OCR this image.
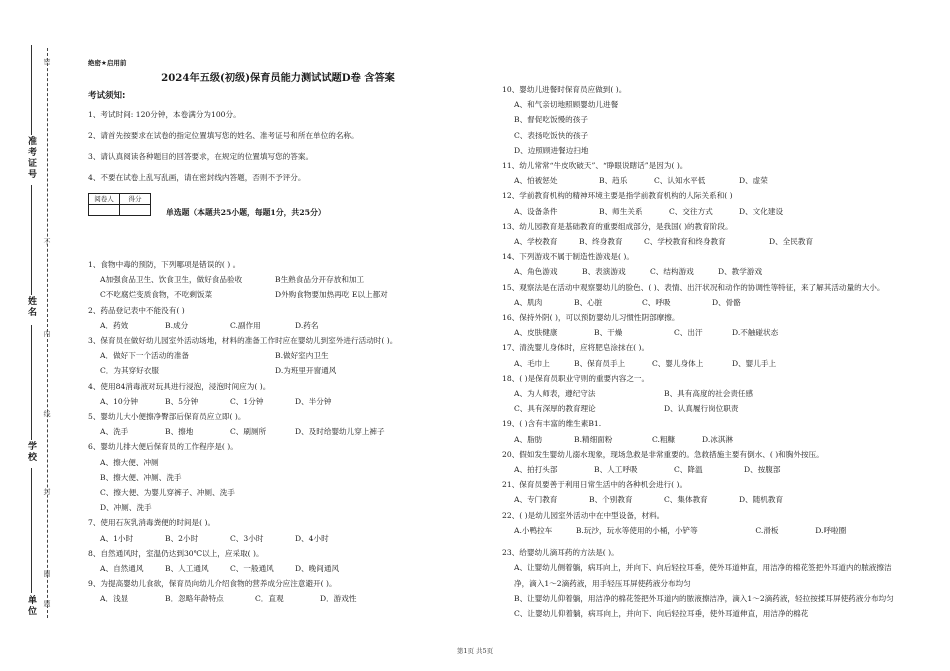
准考证号
姓名
学校
单位
密
不
内
线
封
圈
题
绝密★启用前
2024年五级(初级)保育员能力测试试题D卷 含答案
考试须知:
1、考试时间: 120分钟，本卷满分为100分。
2、请首先按要求在试卷的指定位置填写您的姓名、准考证号和所在单位的名称。
3、请认真阅读各种题目的回答要求，在规定的位置填写您的答案。
4、不要在试卷上乱写乱画，请在密封线内答题，否则不予评分。
阅卷人	得分

单选题（本题共25小题，每题1分，共25分）
1、食物中毒的预防，下列哪项是错误的( ) 。
A加强食品卫生、饮食卫生，做好食品验收	B生熟食品分开存放和加工
C不吃腐烂变质食物，不吃剩饭菜	D外购食物要加热再吃 E以上都对
2、药品登记表中不能没有( )
A．药效	B.成分	C.副作用	D.药名
3、保育员在做好幼儿园室外活动场地，材料的准备工作时应在婴幼儿到室外进行活动时( )。
A．做好下一个活动的准备	B.做好室内卫生
C．为其穿好衣服	D.为班里开窗通风
4、使用84消毒液对玩具进行浸泡，浸泡时间应为( )。
A、10分钟	B、5分钟	C、1分钟	D、半分钟
5、婴幼儿大小便擦净臀部后保育员应立即( )。
A、洗手	B、擦地	C、刷厕所	D、及时给婴幼儿穿上裤子
6、婴幼儿排大便后保育员的工作程序是( )。
A、擦大便、冲厕
B、擦大便、冲厕、洗手
C、擦大便、为婴儿穿裤子、冲厕、洗手
D、冲厕、洗手
7、使用石灰乳消毒粪便的时间是( )。
A、1小时	B、2小时	C、3小时	D、4小时
8、自然通风时，室温仍达到30℃以上，应采取( )。
A、自然通风	B、人工通风	C、一般通风	D、晚间通风
9、为提高婴幼儿食欲，保育员向幼儿介绍食物的营养成分应注意避开( )。
A．浅显	B．忽略年龄特点	C．直观	D．游戏性
10、婴幼儿进餐时保育员应做到( )。
A、和气亲切地照顾婴幼儿进餐
B、督促吃饭慢的孩子
C、表扬吃饭快的孩子
D、边照顾进餐边扫地
11、幼儿常常“牛皮吹破天”、“睁眼说瞎话”是因为( )。
A、怕被惩处	B、趋乐	C、认知水平低	D、虚荣
12、学前教育机构的精神环境主要是指学前教育机构的人际关系和( )
A、设备条件	B、师生关系	C、交往方式	D、文化建设
13、幼儿园教育是基础教育的重要组成部分，是我国( )的教育阶段。
A、学校教育	B、终身教育	C、学校教育和终身教育	D、全民教育
14、下列游戏不属于制造性游戏是( )。
A、角色游戏	B、表演游戏	C、结构游戏	D、教学游戏
15、观察法是在活动中观察婴幼儿的脸色、( )、表情、出汗状况和动作的协调性等特征，来了解其活动量的大小。
A、肌肉	B、心脏	C、呼吸	D、骨骼
16、保持外阴( )，可以预防婴幼儿习惯性阴部摩擦。
A、皮肤健康	B、干燥	C、出汗	D.不触碰状态
17、清洗婴儿身体时，应将肥皂涂抹在( )。
A、毛巾上	B、保育员手上	C、婴儿身体上	D、婴儿手上
18、( )是保育员职业守则的重要内容之一。
A、为人师表，遵纪守法	B、具有高度的社会责任感
C、具有深厚的教育理论	D、认真履行岗位职责
19、( )含有丰富的维生素B1.
A、脂肪	B.精细面粉	C.粗糠	D.冰淇淋
20、假如发生婴幼儿溺水现象，现场急救是非常重要的。急救措施主要有倒水、( )和胸外按压。
A、拍打头部	B、人工呼吸	C、降温	D、按腹部
21、保育员要善于利用日常生活中的各种机会进行( )。
A、专门教育	B、个别教育	C、集体教育	D、随机教育
22、( )是幼儿园室外活动中在中型设备，材料。
A.小鸭拉车	B.玩沙，玩水等使用的小桶，小铲等	C.滑板	D.呼啦圈
23、给婴幼儿滴耳药的方法是( )。
A、让婴幼儿侧着躺，病耳向上，并向下、向后轻拉耳垂，使外耳道伸直，用洁净的棉花签把外耳道内的脓液擦洁净，滴入1～2滴药液，用手轻压耳屏使药液分布均匀
B、让婴幼儿仰着躺，用洁净的棉花签把外耳道内的脓液擦洁净，滴入1～2滴药液，轻拉按揉耳屏使药液分布均匀
C、让婴幼儿仰着躺，病耳向上，并向下、向后轻拉耳垂，使外耳道伸直，用洁净的棉花
第1页 共5页
